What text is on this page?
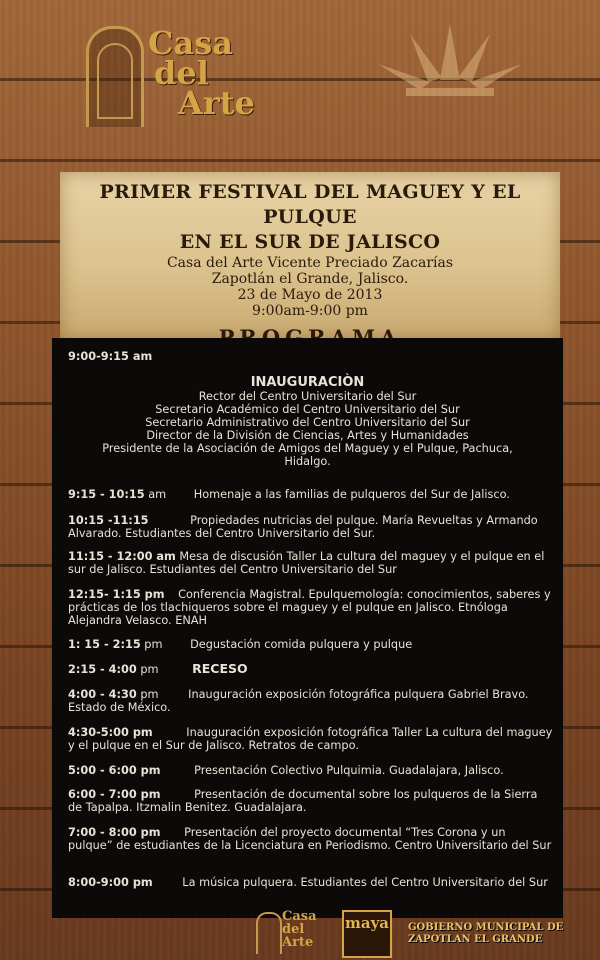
Casa
del
Arte
PRIMER FESTIVAL DEL MAGUEY Y EL PULQUE
EN EL SUR DE JALISCO
Casa del Arte Vicente Preciado Zacarías
Zapotlán el Grande, Jalisco.
23 de Mayo de 2013
9:00am-9:00 pm
9:00-9:15 am
INAUGURACIÒN
Rector del Centro Universitario del Sur
Secretario Académico del Centro Universitario del Sur
Secretario Administrativo del Centro Universitario del Sur
Director de la División de Ciencias, Artes y Humanidades
Presidente de la Asociación de Amigos del Maguey y el Pulque, Pachuca,
Hidalgo.
9:15 - 10:15 am Homenaje a las familias de pulqueros del Sur de Jalisco.
10:15 -11:15	Propiedades nutricias del pulque. María Revueltas y Armando Alvarado. Estudiantes del Centro Universitario del Sur.
11:15 - 12:00 am Mesa de discusión Taller La cultura del maguey y el pulque en el sur de Jalisco. Estudiantes del Centro Universitario del Sur
12:15- 1:15 pm Conferencia Magistral. Epulquemología: conocimientos, saberes y prácticas de los tlachiqueros sobre el maguey y el pulque en Jalisco. Etnóloga Alejandra Velasco. ENAH
1: 15 - 2:15 pm Degustación comida pulquera y pulque
2:15 - 4:00 pm	RECESO
4:00 - 4:30 pm	Inauguración exposición fotográfica pulquera Gabriel Bravo. Estado de México.
4:30-5:00 pm	Inauguración exposición fotográfica Taller La cultura del maguey y el pulque en el Sur de Jalisco. Retratos de campo.
5:00 - 6:00 pm	Presentación Colectivo Pulquimia. Guadalajara, Jalisco.
6:00 - 7:00 pm	Presentación de documental sobre los pulqueros de la Sierra de Tapalpa. Itzmalin Benitez. Guadalajara.
7:00 - 8:00 pm Presentación del proyecto documental “Tres Corona y un pulque” de estudiantes de la Licenciatura en Periodismo. Centro Universitario del Sur
8:00-9:00 pm	La música pulquera. Estudiantes del Centro Universitario del Sur
Casa del Arte
maya GOBIERNO MUNICIPAL DE
ZAPOTLAN EL GRANDE
